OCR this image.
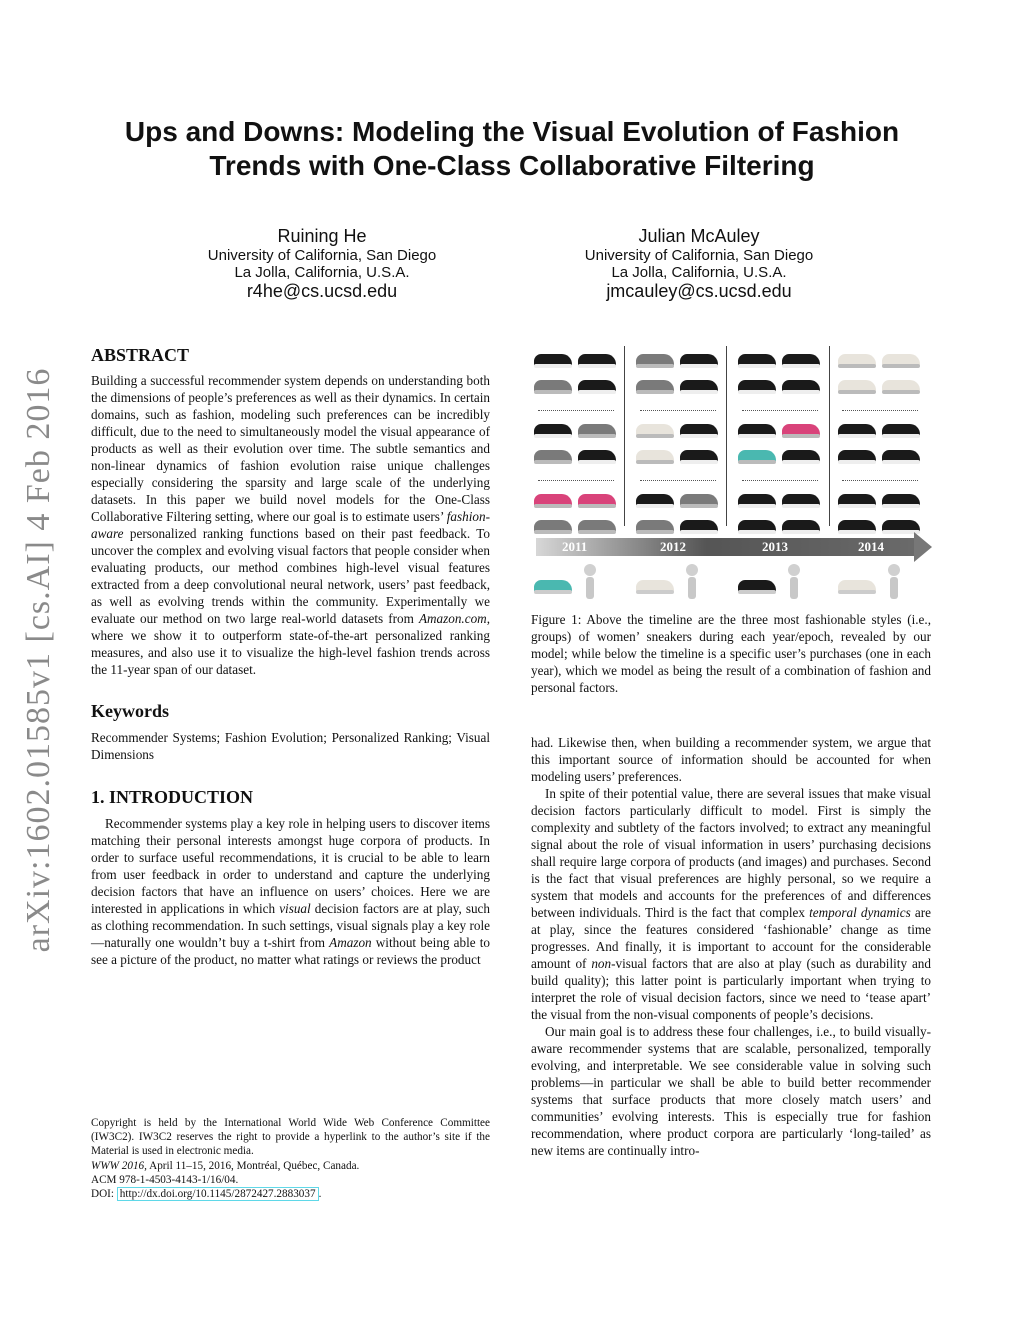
arXiv:1602.01585v1 [cs.AI] 4 Feb 2016
Ups and Downs: Modeling the Visual Evolution of Fashion
Trends with One-Class Collaborative Filtering
Ruining He
University of California, San Diego
La Jolla, California, U.S.A.
r4he@cs.ucsd.edu
Julian McAuley
University of California, San Diego
La Jolla, California, U.S.A.
jmcauley@cs.ucsd.edu
ABSTRACT

Building a successful recommender system depends on understanding both the dimensions of people’s preferences as well as their dynamics. In certain domains, such as fashion, modeling such preferences can be incredibly difficult, due to the need to simultaneously model the visual appearance of products as well as their evolution over time. The subtle semantics and non-linear dynamics of fashion evolution raise unique challenges especially considering the sparsity and large scale of the underlying datasets. In this paper we build novel models for the One-Class Collaborative Filtering setting, where our goal is to estimate users’ fashion-aware personalized ranking functions based on their past feedback. To uncover the complex and evolving visual factors that people consider when evaluating products, our method combines high-level visual features extracted from a deep convolutional neural network, users’ past feedback, as well as evolving trends within the community. Experimentally we evaluate our method on two large real-world datasets from Amazon.com, where we show it to outperform state-of-the-art personalized ranking measures, and also use it to visualize the high-level fashion trends across the 11-year span of our dataset.

Keywords

Recommender Systems; Fashion Evolution; Personalized Ranking; Visual Dimensions

1. INTRODUCTION

Recommender systems play a key role in helping users to discover items matching their personal interests amongst huge corpora of products. In order to surface useful recommendations, it is crucial to be able to learn from user feedback in order to understand and capture the underlying decision factors that have an influence on users’ choices. Here we are interested in applications in which visual decision factors are at play, such as clothing recommendation. In such settings, visual signals play a key role—naturally one wouldn’t buy a t-shirt from Amazon without being able to see a picture of the product, no matter what ratings or reviews the product

Copyright is held by the International World Wide Web Conference Committee (IW3C2). IW3C2 reserves the right to provide a hyperlink to the author’s site if the Material is used in electronic media.
WWW 2016, April 11–15, 2016, Montréal, Québec, Canada.
ACM 978-1-4503-4143-1/16/04.
DOI: http://dx.doi.org/10.1145/2872427.2883037 .
2011	2012	2013	2014
Figure 1: Above the timeline are the three most fashionable styles (i.e., groups) of women’ sneakers during each year/epoch, revealed by our model; while below the timeline is a specific user’s purchases (one in each year), which we model as being the result of a combination of fashion and personal factors.

had. Likewise then, when building a recommender system, we argue that this important source of information should be accounted for when modeling users’ preferences.

In spite of their potential value, there are several issues that make visual decision factors particularly difficult to model. First is simply the complexity and subtlety of the factors involved; to extract any meaningful signal about the role of visual information in users’ purchasing decisions shall require large corpora of products (and images) and purchases. Second is the fact that visual preferences are highly personal, so we require a system that models and accounts for the preferences of and differences between individuals. Third is the fact that complex temporal dynamics are at play, since the features considered ‘fashionable’ change as time progresses. And finally, it is important to account for the considerable amount of non-visual factors that are also at play (such as durability and build quality); this latter point is particularly important when trying to interpret the role of visual decision factors, since we need to ‘tease apart’ the visual from the non-visual components of people’s decisions.

Our main goal is to address these four challenges, i.e., to build visually-aware recommender systems that are scalable, personalized, temporally evolving, and interpretable. We see considerable value in solving such problems—in particular we shall be able to build better recommender systems that surface products that more closely match users’ and communities’ evolving interests. This is especially true for fashion recommendation, where product corpora are particularly ‘long-tailed’ as new items are continually intro-
